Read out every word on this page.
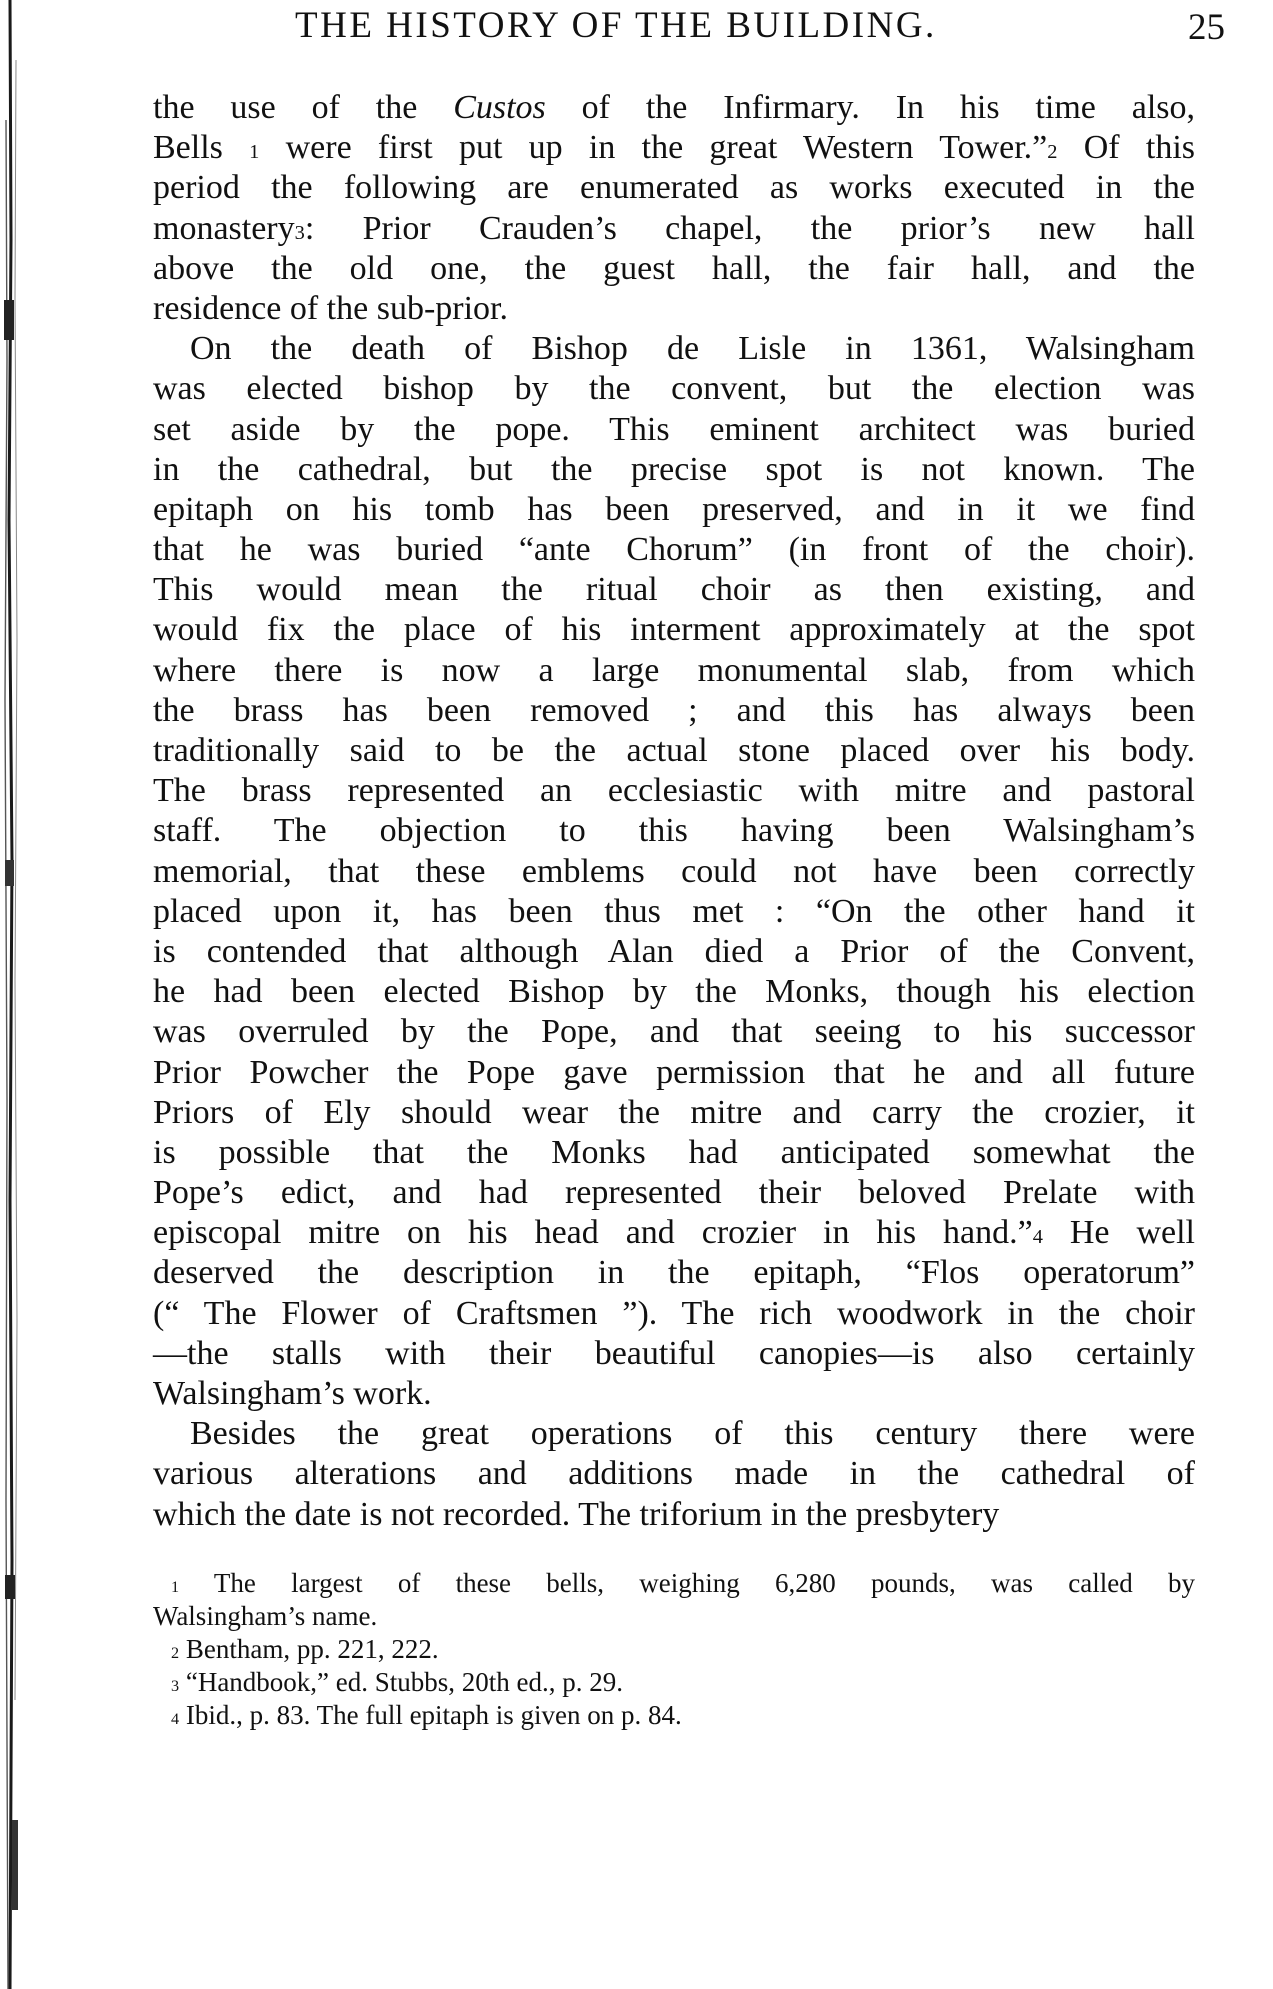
THE HISTORY OF THE BUILDING.	25
the use of the Custos of the Infirmary. In his time also,
Bells $^1$ were first put up in the great Western Tower.”$^2$ Of this
period the following are enumerated as works executed in the
monastery$^3$: Prior Crauden’s chapel, the prior’s new hall
above the old one, the guest hall, the fair hall, and the
residence of the sub-prior.
On the death of Bishop de Lisle in 1361, Walsingham
was elected bishop by the convent, but the election was
set aside by the pope. This eminent architect was buried
in the cathedral, but the precise spot is not known. The
epitaph on his tomb has been preserved, and in it we find
that he was buried “ante Chorum” (in front of the choir).
This would mean the ritual choir as then existing, and
would fix the place of his interment approximately at the spot
where there is now a large monumental slab, from which
the brass has been removed ; and this has always been
traditionally said to be the actual stone placed over his body.
The brass represented an ecclesiastic with mitre and pastoral
staff. The objection to this having been Walsingham’s
memorial, that these emblems could not have been correctly
placed upon it, has been thus met : “On the other hand it
is contended that although Alan died a Prior of the Convent,
he had been elected Bishop by the Monks, though his election
was overruled by the Pope, and that seeing to his successor
Prior Powcher the Pope gave permission that he and all future
Priors of Ely should wear the mitre and carry the crozier, it
is possible that the Monks had anticipated somewhat the
Pope’s edict, and had represented their beloved Prelate with
episcopal mitre on his head and crozier in his hand.”$^4$ He well
deserved the description in the epitaph, “Flos operatorum”
(“ The Flower of Craftsmen ”). The rich woodwork in the choir
—the stalls with their beautiful canopies—is also certainly
Walsingham’s work.
Besides the great operations of this century there were
various alterations and additions made in the cathedral of
which the date is not recorded. The triforium in the presbytery
$^1$ The largest of these bells, weighing 6,280 pounds, was called by
Walsingham’s name.
$^2$ Bentham, pp. 221, 222.
$^3$ “Handbook,” ed. Stubbs, 20th ed., p. 29.
$^4$ Ibid., p. 83. The full epitaph is given on p. 84.
